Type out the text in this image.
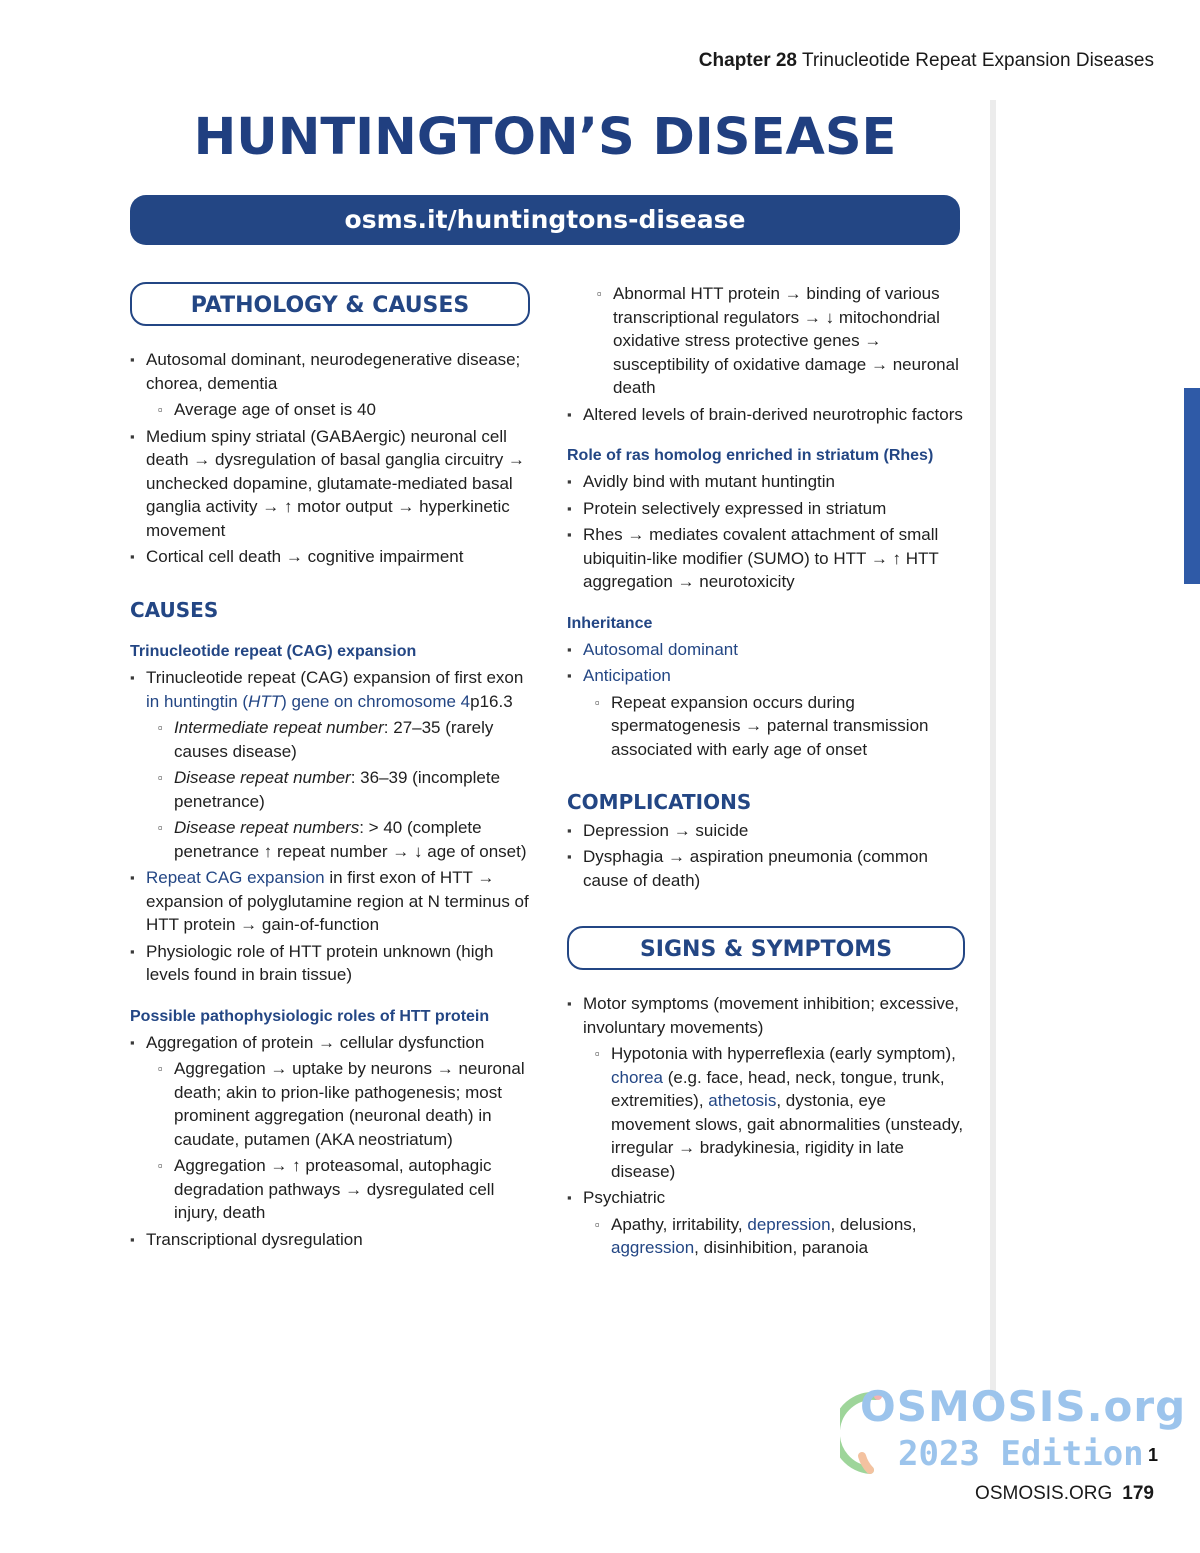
Chapter 28 Trinucleotide Repeat Expansion Diseases
HUNTINGTON’S DISEASE
osms.it/huntingtons-disease
PATHOLOGY & CAUSES
▪ Autosomal dominant, neurodegenerative disease; chorea, dementia
▫ Average age of onset is 40
▪ Medium spiny striatal (GABAergic) neuronal cell death → dysregulation of basal ganglia circuitry → unchecked dopamine, glutamate-mediated basal ganglia activity → ↑ motor output → hyperkinetic movement
▪ Cortical cell death → cognitive impairment
CAUSES
Trinucleotide repeat (CAG) expansion
▪ Trinucleotide repeat (CAG) expansion of first exon in huntingtin (HTT) gene on chromosome 4p16.3
▫ Intermediate repeat number: 27–35 (rarely causes disease)
▫ Disease repeat number: 36–39 (incomplete penetrance)
▫ Disease repeat numbers: > 40 (complete penetrance ↑ repeat number → ↓ age of onset)
▪ Repeat CAG expansion in first exon of HTT → expansion of polyglutamine region at N terminus of HTT protein → gain-of-function
▪ Physiologic role of HTT protein unknown (high levels found in brain tissue)
Possible pathophysiologic roles of HTT protein
▪ Aggregation of protein → cellular dysfunction
▫ Aggregation → uptake by neurons → neuronal death; akin to prion-like pathogenesis; most prominent aggregation (neuronal death) in caudate, putamen (AKA neostriatum)
▫ Aggregation → ↑ proteasomal, autophagic degradation pathways → dysregulated cell injury, death
▪ Transcriptional dysregulation
▫ Abnormal HTT protein → binding of various transcriptional regulators → ↓ mitochondrial oxidative stress protective genes → susceptibility of oxidative damage → neuronal death
▪ Altered levels of brain-derived neurotrophic factors
Role of ras homolog enriched in striatum (Rhes)
▪ Avidly bind with mutant huntingtin
▪ Protein selectively expressed in striatum
▪ Rhes → mediates covalent attachment of small ubiquitin-like modifier (SUMO) to HTT → ↑ HTT aggregation → neurotoxicity
Inheritance
▪ Autosomal dominant
▪ Anticipation
▫ Repeat expansion occurs during spermatogenesis → paternal transmission associated with early age of onset
COMPLICATIONS
▪ Depression → suicide
▪ Dysphagia → aspiration pneumonia (common cause of death)
SIGNS & SYMPTOMS
▪ Motor symptoms (movement inhibition; excessive, involuntary movements)
▫ Hypotonia with hyperreflexia (early symptom), chorea (e.g. face, head, neck, tongue, trunk, extremities), athetosis, dystonia, eye movement slows, gait abnormalities (unsteady, irregular → bradykinesia, rigidity in late disease)
▪ Psychiatric
▫ Apathy, irritability, depression, delusions, aggression, disinhibition, paranoia
OSMOSIS.org
2023 Edition 1
OSMOSIS.ORG 179
